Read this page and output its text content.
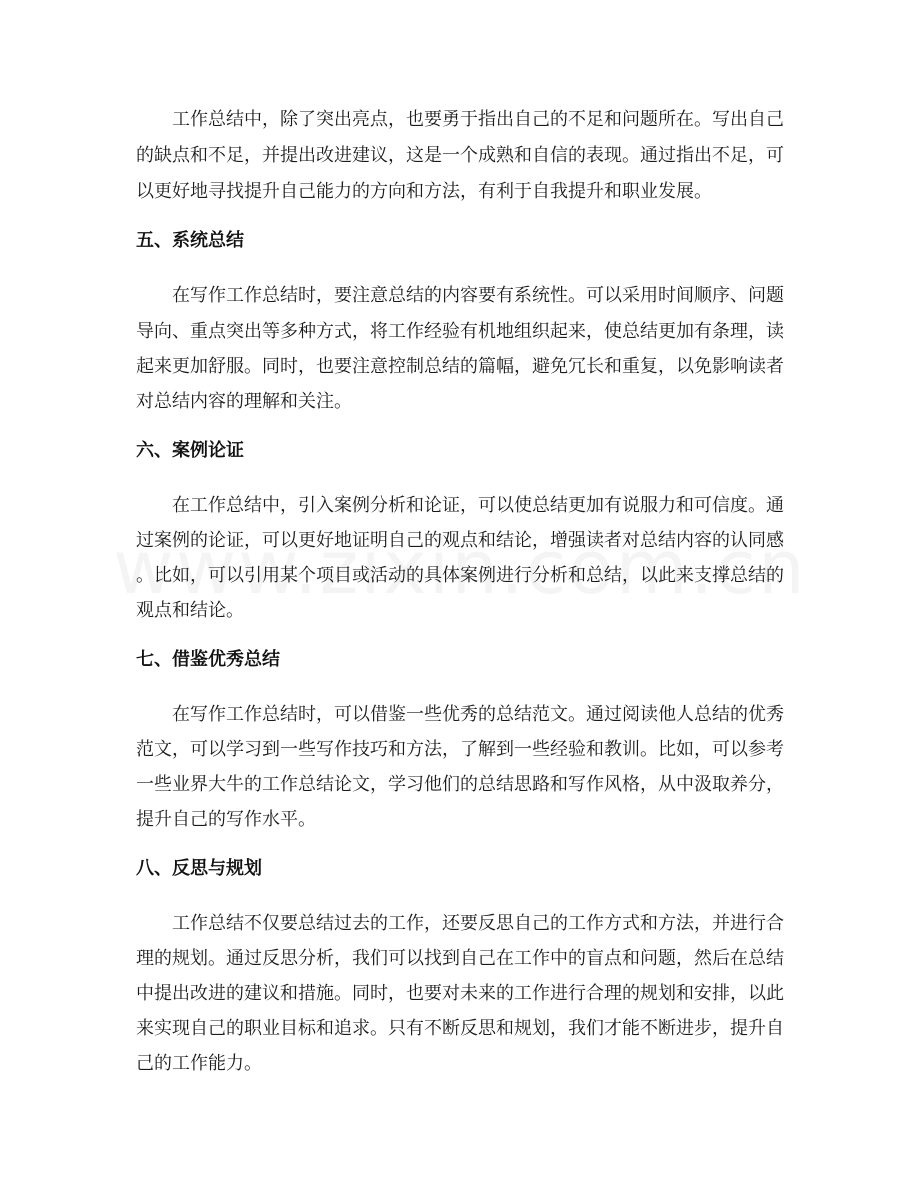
工作总结中，除了突出亮点，也要勇于指出自己的不足和问题所在。写出自己
的缺点和不足，并提出改进建议，这是一个成熟和自信的表现。通过指出不足，可
以更好地寻找提升自己能力的方向和方法，有利于自我提升和职业发展。
五、系统总结
在写作工作总结时，要注意总结的内容要有系统性。可以采用时间顺序、问题
导向、重点突出等多种方式，将工作经验有机地组织起来，使总结更加有条理，读
起来更加舒服。同时，也要注意控制总结的篇幅，避免冗长和重复，以免影响读者
对总结内容的理解和关注。
六、案例论证
在工作总结中，引入案例分析和论证，可以使总结更加有说服力和可信度。通
过案例的论证，可以更好地证明自己的观点和结论，增强读者对总结内容的认同感
。比如，可以引用某个项目或活动的具体案例进行分析和总结，以此来支撑总结的
观点和结论。
七、借鉴优秀总结
在写作工作总结时，可以借鉴一些优秀的总结范文。通过阅读他人总结的优秀
范文，可以学习到一些写作技巧和方法，了解到一些经验和教训。比如，可以参考
一些业界大牛的工作总结论文，学习他们的总结思路和写作风格，从中汲取养分，
提升自己的写作水平。
八、反思与规划
工作总结不仅要总结过去的工作，还要反思自己的工作方式和方法，并进行合
理的规划。通过反思分析，我们可以找到自己在工作中的盲点和问题，然后在总结
中提出改进的建议和措施。同时，也要对未来的工作进行合理的规划和安排，以此
来实现自己的职业目标和追求。只有不断反思和规划，我们才能不断进步，提升自
己的工作能力。
